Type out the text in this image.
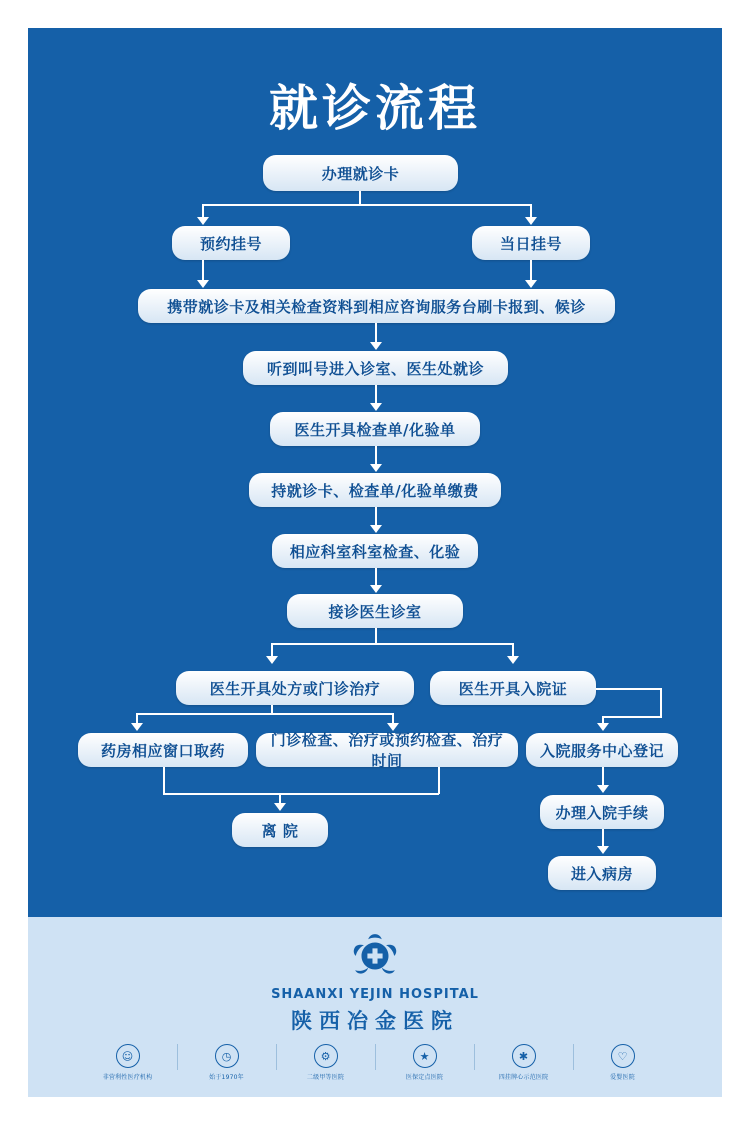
就诊流程
办理就诊卡
预约挂号	当日挂号
携带就诊卡及相关检查资料到相应咨询服务台刷卡报到、候诊
听到叫号进入诊室、医生处就诊
医生开具检查单/化验单
持就诊卡、检查单/化验单缴费
相应科室科室检查、化验
接诊医生诊室
医生开具处方或门诊治疗	医生开具入院证
药房相应窗口取药
门诊检查、治疗或预约检查、治疗时间
入院服务中心登记
离 院
办理入院手续
进入病房
SHAANXI YEJIN HOSPITAL
陕西冶金医院
☺
非营利性医疗机构
◷
始于1970年
⚙
二级甲等医院
★
医保定点医院
✱
四挂牌心示范医院
♡
爱婴医院
